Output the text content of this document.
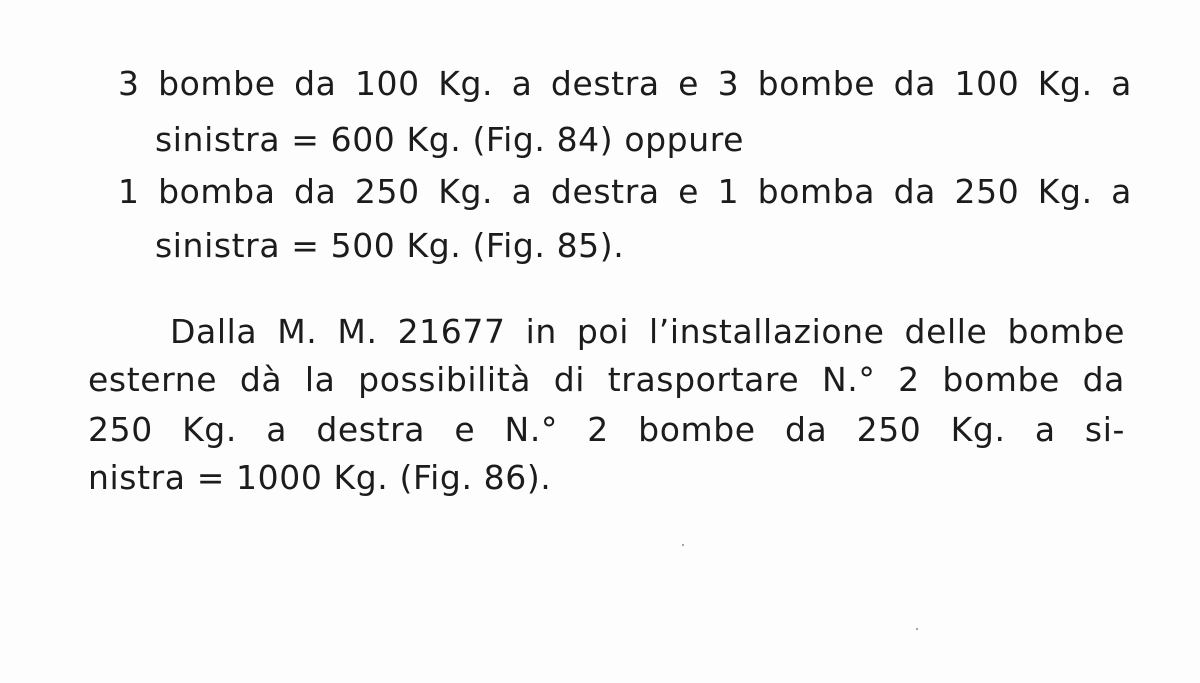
3 bombe da 100 Kg. a destra e 3 bombe da 100 Kg. a
sinistra = 600 Kg. (Fig. 84) oppure
1 bomba da 250 Kg. a destra e 1 bomba da 250 Kg. a
sinistra = 500 Kg. (Fig. 85).
Dalla M. M. 21677 in poi l’installazione delle bombe
esterne dà la possibilità di trasportare N.° 2 bombe da
250 Kg. a destra e N.° 2 bombe da 250 Kg. a si-
nistra = 1000 Kg. (Fig. 86).
